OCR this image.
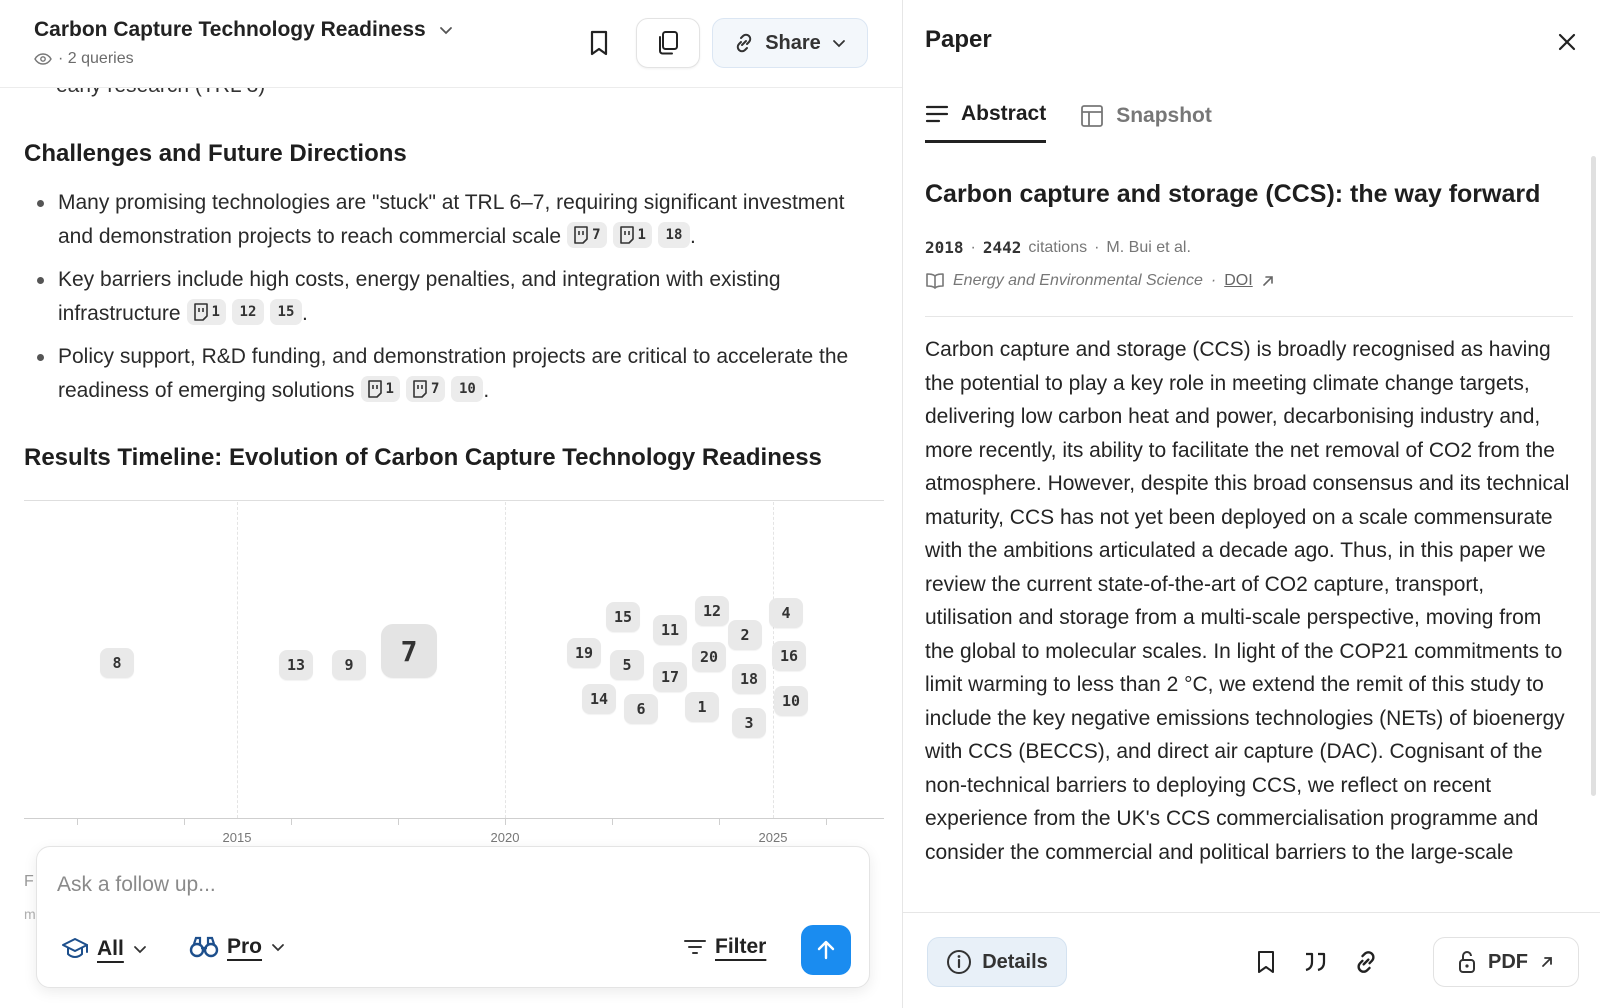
Carbon Capture Technology Readiness
· 2 queries
Share
Challenges and Future Directions
Many promising technologies are "stuck" at TRL 6–7, requiring significant investment and demonstration projects to reach commercial scale 7	1 18 .
Key barriers include high costs, energy penalties, and integration with existing infrastructure 1 12 15 .
Policy support, R&D funding, and demonstration projects are critical to accelerate the readiness of emerging solutions 1	7 10 .
Results Timeline: Evolution of Carbon Capture Technology Readiness
8	13	9	7
15
11
12	4
2
19
5	20	16
17	18
14
6	1	10
3
2015	2020	2025
F
m
Ask a follow up...
All	Pro	Filter
Paper
Abstract	Snapshot
Carbon capture and storage (CCS): the way forward
2018 · 2442 citations · M. Bui et al.
Energy and Environmental Science · DOI
Carbon capture and storage (CCS) is broadly recognised as having the potential to play a key role in meeting climate change targets, delivering low carbon heat and power, decarbonising industry and, more recently, its ability to facilitate the net removal of CO2 from the atmosphere. However, despite this broad consensus and its technical maturity, CCS has not yet been deployed on a scale commensurate with the ambitions articulated a decade ago. Thus, in this paper we review the current state-of-the-art of CO2 capture, transport, utilisation and storage from a multi-scale perspective, moving from the global to molecular scales. In light of the COP21 commitments to limit warming to less than 2 °C, we extend the remit of this study to include the key negative emissions technologies (NETs) of bioenergy with CCS (BECCS), and direct air capture (DAC). Cognisant of the non-technical barriers to deploying CCS, we reflect on recent experience from the UK's CCS commercialisation programme and consider the commercial and political barriers to the large-scale
Details	PDF
